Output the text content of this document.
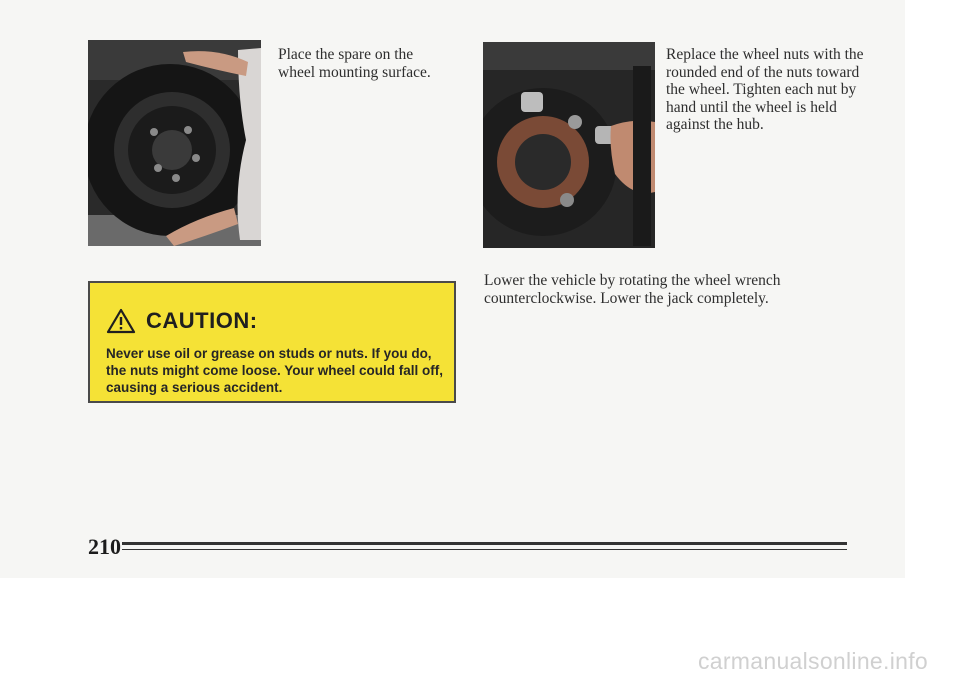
Place the spare on the wheel mounting surface.
Replace the wheel nuts with the rounded end of the nuts toward the wheel. Tighten each nut by hand until the wheel is held against the hub.
CAUTION:
Never use oil or grease on studs or nuts. If you do, the nuts might come loose. Your wheel could fall off, causing a serious accident.
Lower the vehicle by rotating the wheel wrench counterclockwise. Lower the jack completely.
210
carmanualsonline.info
